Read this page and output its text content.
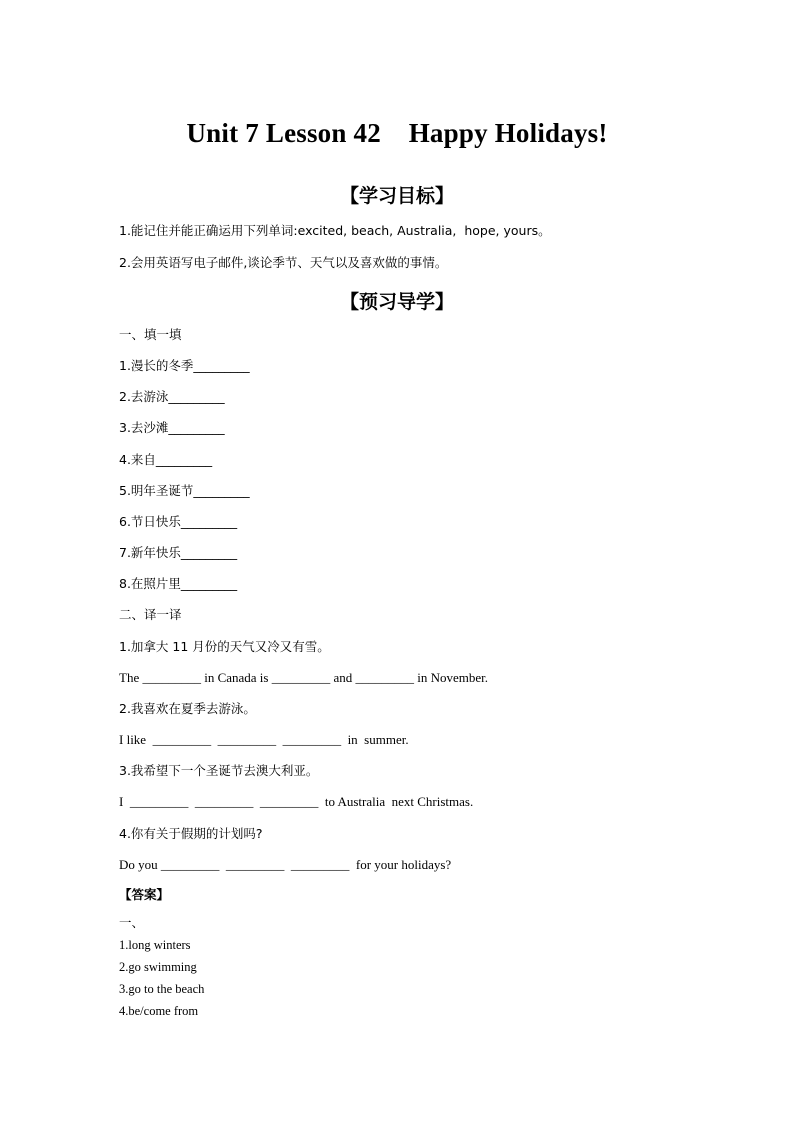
Unit 7 Lesson 42    Happy Holidays!
【学习目标】
1.能记住并能正确运用下列单词:excited, beach, Australia,  hope, yours。
2.会用英语写电子邮件,谈论季节、天气以及喜欢做的事情。
【预习导学】
一、填一填
1.漫长的冬季_________
2.去游泳_________
3.去沙滩_________
4.来自_________
5.明年圣诞节_________
6.节日快乐_________
7.新年快乐_________
8.在照片里_________
二、译一译
1.加拿大 11 月份的天气又冷又有雪。
The _________ in Canada is _________ and _________ in November.
2.我喜欢在夏季去游泳。
I like  _________  _________  _________  in  summer.
3.我希望下一个圣诞节去澳大利亚。
I  _________  _________  _________  to Australia  next Christmas.
4.你有关于假期的计划吗?
Do you _________  _________  _________  for your holidays?
【答案】
一、
1.long winters
2.go swimming
3.go to the beach
4.be/come from
